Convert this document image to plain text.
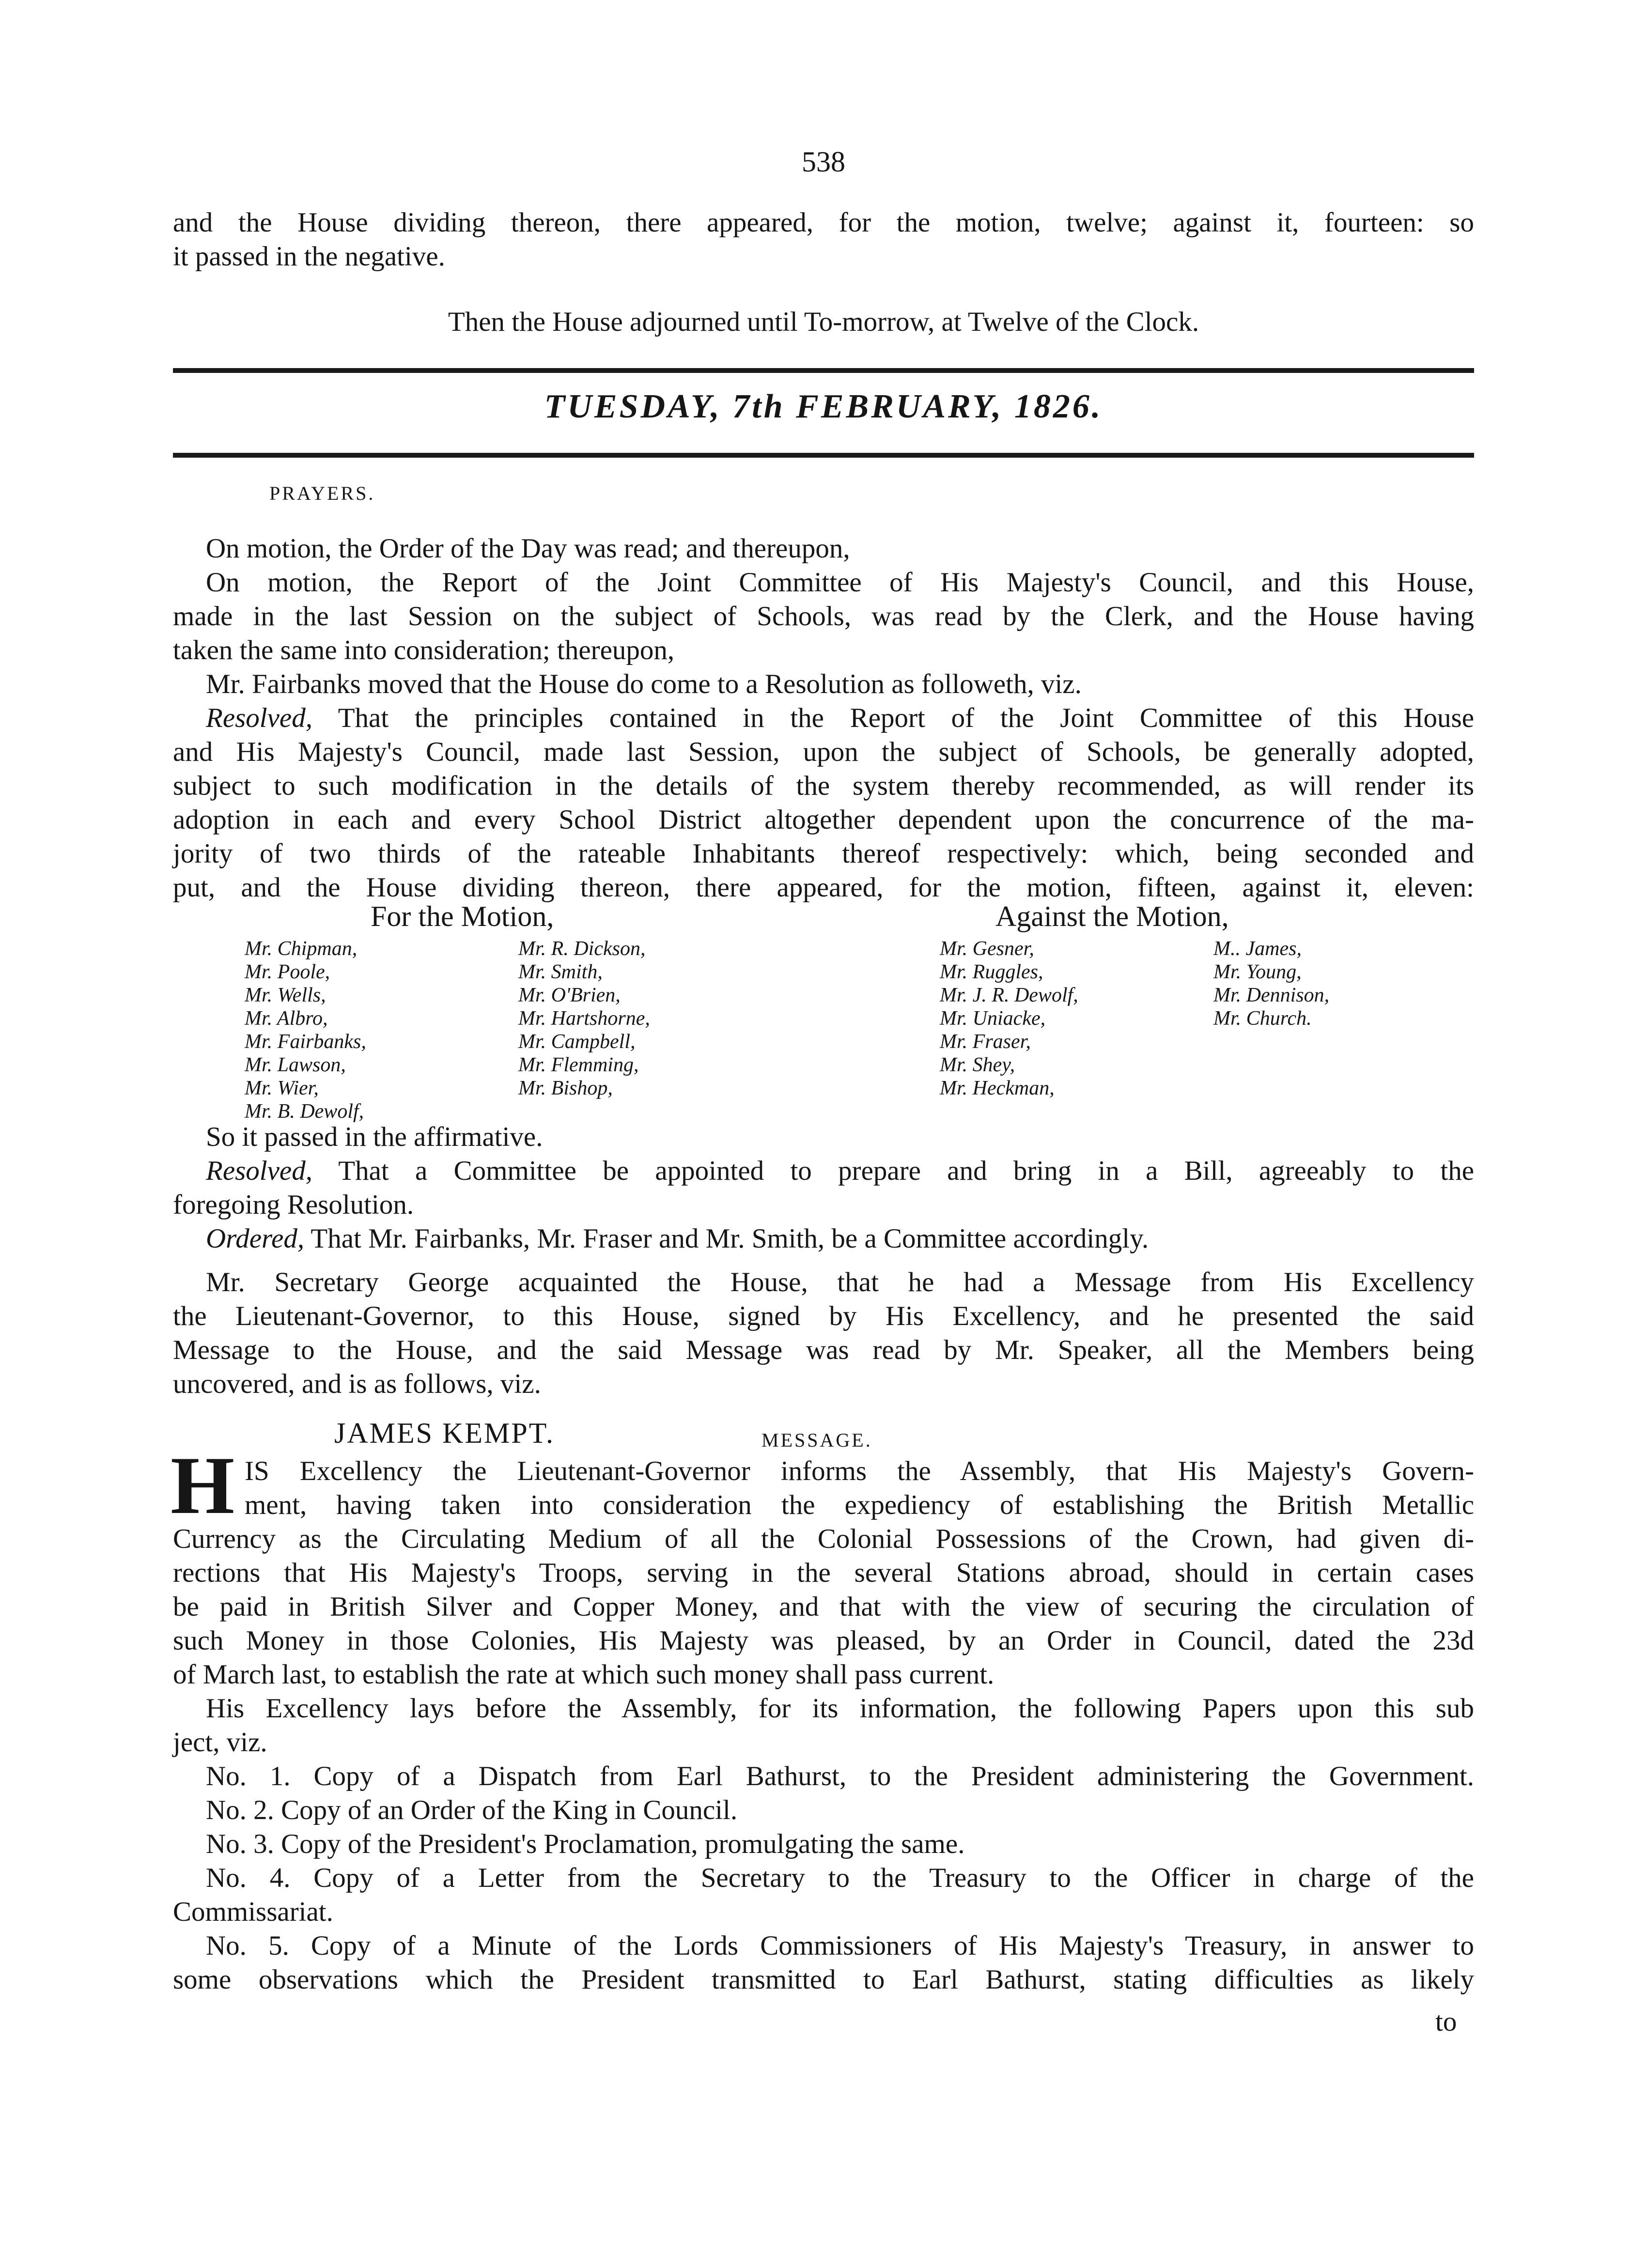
538
and the House dividing thereon, there appeared, for the motion, twelve; against it, fourteen: so
it passed in the negative.
Then the House adjourned until To-morrow, at Twelve of the Clock.
TUESDAY, 7th FEBRUARY, 1826.
PRAYERS.
On motion, the Order of the Day was read; and thereupon,
On motion, the Report of the Joint Committee of His Majesty's Council, and this House,
made in the last Session on the subject of Schools, was read by the Clerk, and the House having
taken the same into consideration; thereupon,
Mr. Fairbanks moved that the House do come to a Resolution as followeth, viz.
Resolved, That the principles contained in the Report of the Joint Committee of this House
and His Majesty's Council, made last Session, upon the subject of Schools, be generally adopted,
subject to such modification in the details of the system thereby recommended, as will render its
adoption in each and every School District altogether dependent upon the concurrence of the ma-
jority of two thirds of the rateable Inhabitants thereof respectively: which, being seconded and
put, and the House dividing thereon, there appeared, for the motion, fifteen, against it, eleven:
For the Motion,	Against the Motion,
Mr. Chipman,
Mr. Poole,
Mr. Wells,
Mr. Albro,
Mr. Fairbanks,
Mr. Lawson,
Mr. Wier,
Mr. B. Dewolf,
Mr. R. Dickson,
Mr. Smith,
Mr. O'Brien,
Mr. Hartshorne,
Mr. Campbell,
Mr. Flemming,
Mr. Bishop,
Mr. Gesner,
Mr. Ruggles,
Mr. J. R. Dewolf,
Mr. Uniacke,
Mr. Fraser,
Mr. Shey,
Mr. Heckman,
M.. James,
Mr. Young,
Mr. Dennison,
Mr. Church.
So it passed in the affirmative.
Resolved, That a Committee be appointed to prepare and bring in a Bill, agreeably to the
foregoing Resolution.
Ordered, That Mr. Fairbanks, Mr. Fraser and Mr. Smith, be a Committee accordingly.
Mr. Secretary George acquainted the House, that he had a Message from His Excellency
the Lieutenant-Governor, to this House, signed by His Excellency, and he presented the said
Message to the House, and the said Message was read by Mr. Speaker, all the Members being
uncovered, and is as follows, viz.
JAMES KEMPT.	MESSAGE.
H IS Excellency the Lieutenant-Governor informs the Assembly, that His Majesty's Govern-
ment, having taken into consideration the expediency of establishing the British Metallic
Currency as the Circulating Medium of all the Colonial Possessions of the Crown, had given di-
rections that His Majesty's Troops, serving in the several Stations abroad, should in certain cases
be paid in British Silver and Copper Money, and that with the view of securing the circulation of
such Money in those Colonies, His Majesty was pleased, by an Order in Council, dated the 23d
of March last, to establish the rate at which such money shall pass current.
His Excellency lays before the Assembly, for its information, the following Papers upon this sub
ject, viz.
No. 1. Copy of a Dispatch from Earl Bathurst, to the President administering the Government.
No. 2. Copy of an Order of the King in Council.
No. 3. Copy of the President's Proclamation, promulgating the same.
No. 4. Copy of a Letter from the Secretary to the Treasury to the Officer in charge of the
Commissariat.
No. 5. Copy of a Minute of the Lords Commissioners of His Majesty's Treasury, in answer to
some observations which the President transmitted to Earl Bathurst, stating difficulties as likely
to
